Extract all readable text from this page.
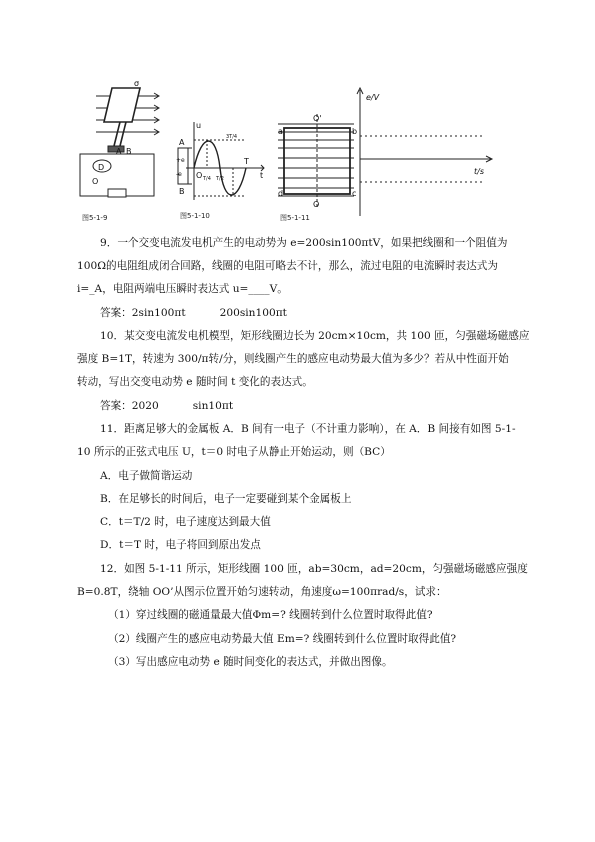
σ
A B
D
O
图5-1-9
u
A
+e
-e
B
O T/4 T/2
3T/4
T
t
图5-1-10
O'
a	b
c
d
O
图5-1-11
e/V
t/s
9．一个交变电流发电机产生的电动势为 e=200sin100πtV，如果把线圈和一个阻值为
100Ω的电阻组成闭合回路，线圈的电阻可略去不计，那么，流过电阻的电流瞬时表达式为
i=_A，电阻两端电压瞬时表达式 u=____V。
答案：2sin100πt	200sin100πt
10．某交变电流发电机模型，矩形线圈边长为 20cm×10cm，共 100 匝，匀强磁场磁感应
强度 B=1T，转速为 300/π转/分，则线圈产生的感应电动势最大值为多少？若从中性面开始
转动，写出交变电动势 e 随时间 t 变化的表达式。
答案：2020	sin10πt
11．距离足够大的金属板 A．B 间有一电子（不计重力影响），在 A．B 间接有如图 5-1-
10 所示的正弦式电压 U，t＝0 时电子从静止开始运动，则（BC）
A．电子做简谐运动
B．在足够长的时间后，电子一定要碰到某个金属板上
C．t＝T/2 时，电子速度达到最大值
D．t＝T 时，电子将回到原出发点
12．如图 5-1-11 所示，矩形线圈 100 匝，ab=30cm，ad=20cm，匀强磁场磁感应强度
B=0.8T，绕轴 OO’从图示位置开始匀速转动，角速度ω=100πrad/s，试求：
（1）穿过线圈的磁通量最大值Φm=? 线圈转到什么位置时取得此值?
（2）线圈产生的感应电动势最大值 Em=? 线圈转到什么位置时取得此值?
（3）写出感应电动势 e 随时间变化的表达式，并做出图像。
